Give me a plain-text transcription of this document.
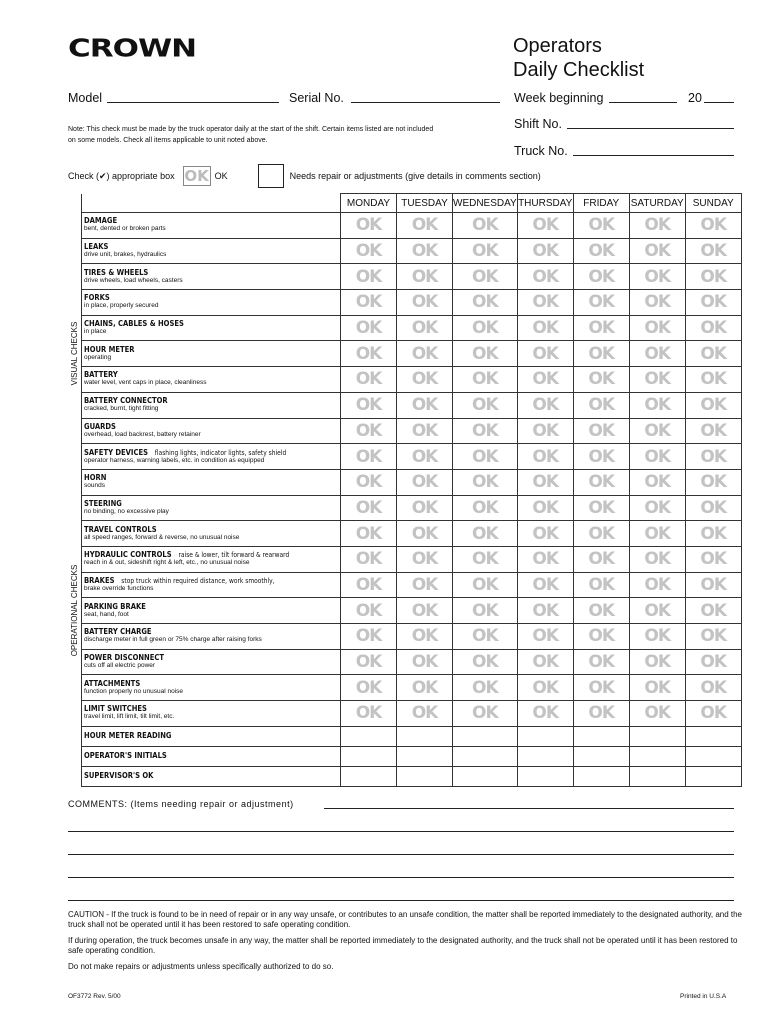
CROWN	Operators
Daily Checklist
Model	Serial No.	Week beginning	20
Shift No.
Truck No.
Note: This check must be made by the truck operator daily at the start of the shift. Certain items listed are not included on some models. Check all items applicable to unit noted above.
Check (✔) appropriate box OK OK	Needs repair or adjustments (give details in comments section)
		MONDAY	TUESDAY	WEDNESDAY	THURSDAY	FRIDAY	SATURDAY	SUNDAY

VISUAL CHECKS	DAMAGE
bent, dented or broken parts	OK	OK	OK	OK	OK	OK	OK

	LEAKS
drive unit, brakes, hydraulics	OK	OK	OK	OK	OK	OK	OK

	TIRES & WHEELS
drive wheels, load wheels, casters	OK	OK	OK	OK	OK	OK	OK

	FORKS
in place, properly secured	OK	OK	OK	OK	OK	OK	OK

	CHAINS, CABLES & HOSES
in place	OK	OK	OK	OK	OK	OK	OK

	HOUR METER
operating	OK	OK	OK	OK	OK	OK	OK

	BATTERY
water level, vent caps in place, cleanliness	OK	OK	OK	OK	OK	OK	OK

	BATTERY CONNECTOR
cracked, burnt, tight fitting	OK	OK	OK	OK	OK	OK	OK

	GUARDS
overhead, load backrest, battery retainer	OK	OK	OK	OK	OK	OK	OK

	SAFETY DEVICES flashing lights, indicator lights, safety shield
operator harness, warning labels, etc. in condition as equipped	OK	OK	OK	OK	OK	OK	OK

	HORN
sounds	OK	OK	OK	OK	OK	OK	OK

OPERATIONAL CHECKS	STEERING
no binding, no excessive play	OK	OK	OK	OK	OK	OK	OK

	TRAVEL CONTROLS
all speed ranges, forward & reverse, no unusual noise	OK	OK	OK	OK	OK	OK	OK

	HYDRAULIC CONTROLS raise & lower, tilt forward & rearward
reach in & out, sideshift right & left, etc., no unusual noise	OK	OK	OK	OK	OK	OK	OK

	BRAKES stop truck within required distance, work smoothly,
brake override functions	OK	OK	OK	OK	OK	OK	OK

	PARKING BRAKE
seat, hand, foot	OK	OK	OK	OK	OK	OK	OK

	BATTERY CHARGE
discharge meter in full green or 75% charge after raising forks	OK	OK	OK	OK	OK	OK	OK

	POWER DISCONNECT
cuts off all electric power	OK	OK	OK	OK	OK	OK	OK

	ATTACHMENTS
function properly no unusual noise	OK	OK	OK	OK	OK	OK	OK

	LIMIT SWITCHES
travel limit, lift limit, tilt limit, etc.	OK	OK	OK	OK	OK	OK	OK

	HOUR METER READING							

	OPERATOR'S INITIALS							

	SUPERVISOR'S OK							

COMMENTS: (Items needing repair or adjustment)

CAUTION - If the truck is found to be in need of repair or in any way unsafe, or contributes to an unsafe condition, the matter shall be reported immediately to the designated authority, and the truck shall not be operated until it has been restored to safe operating condition.

If during operation, the truck becomes unsafe in any way, the matter shall be reported immediately to the designated authority, and the truck shall not be operated until it has been restored to safe operating condition.

Do not make repairs or adjustments unless specifically authorized to do so.

OF3772 Rev. 5/00	Printed in U.S.A
